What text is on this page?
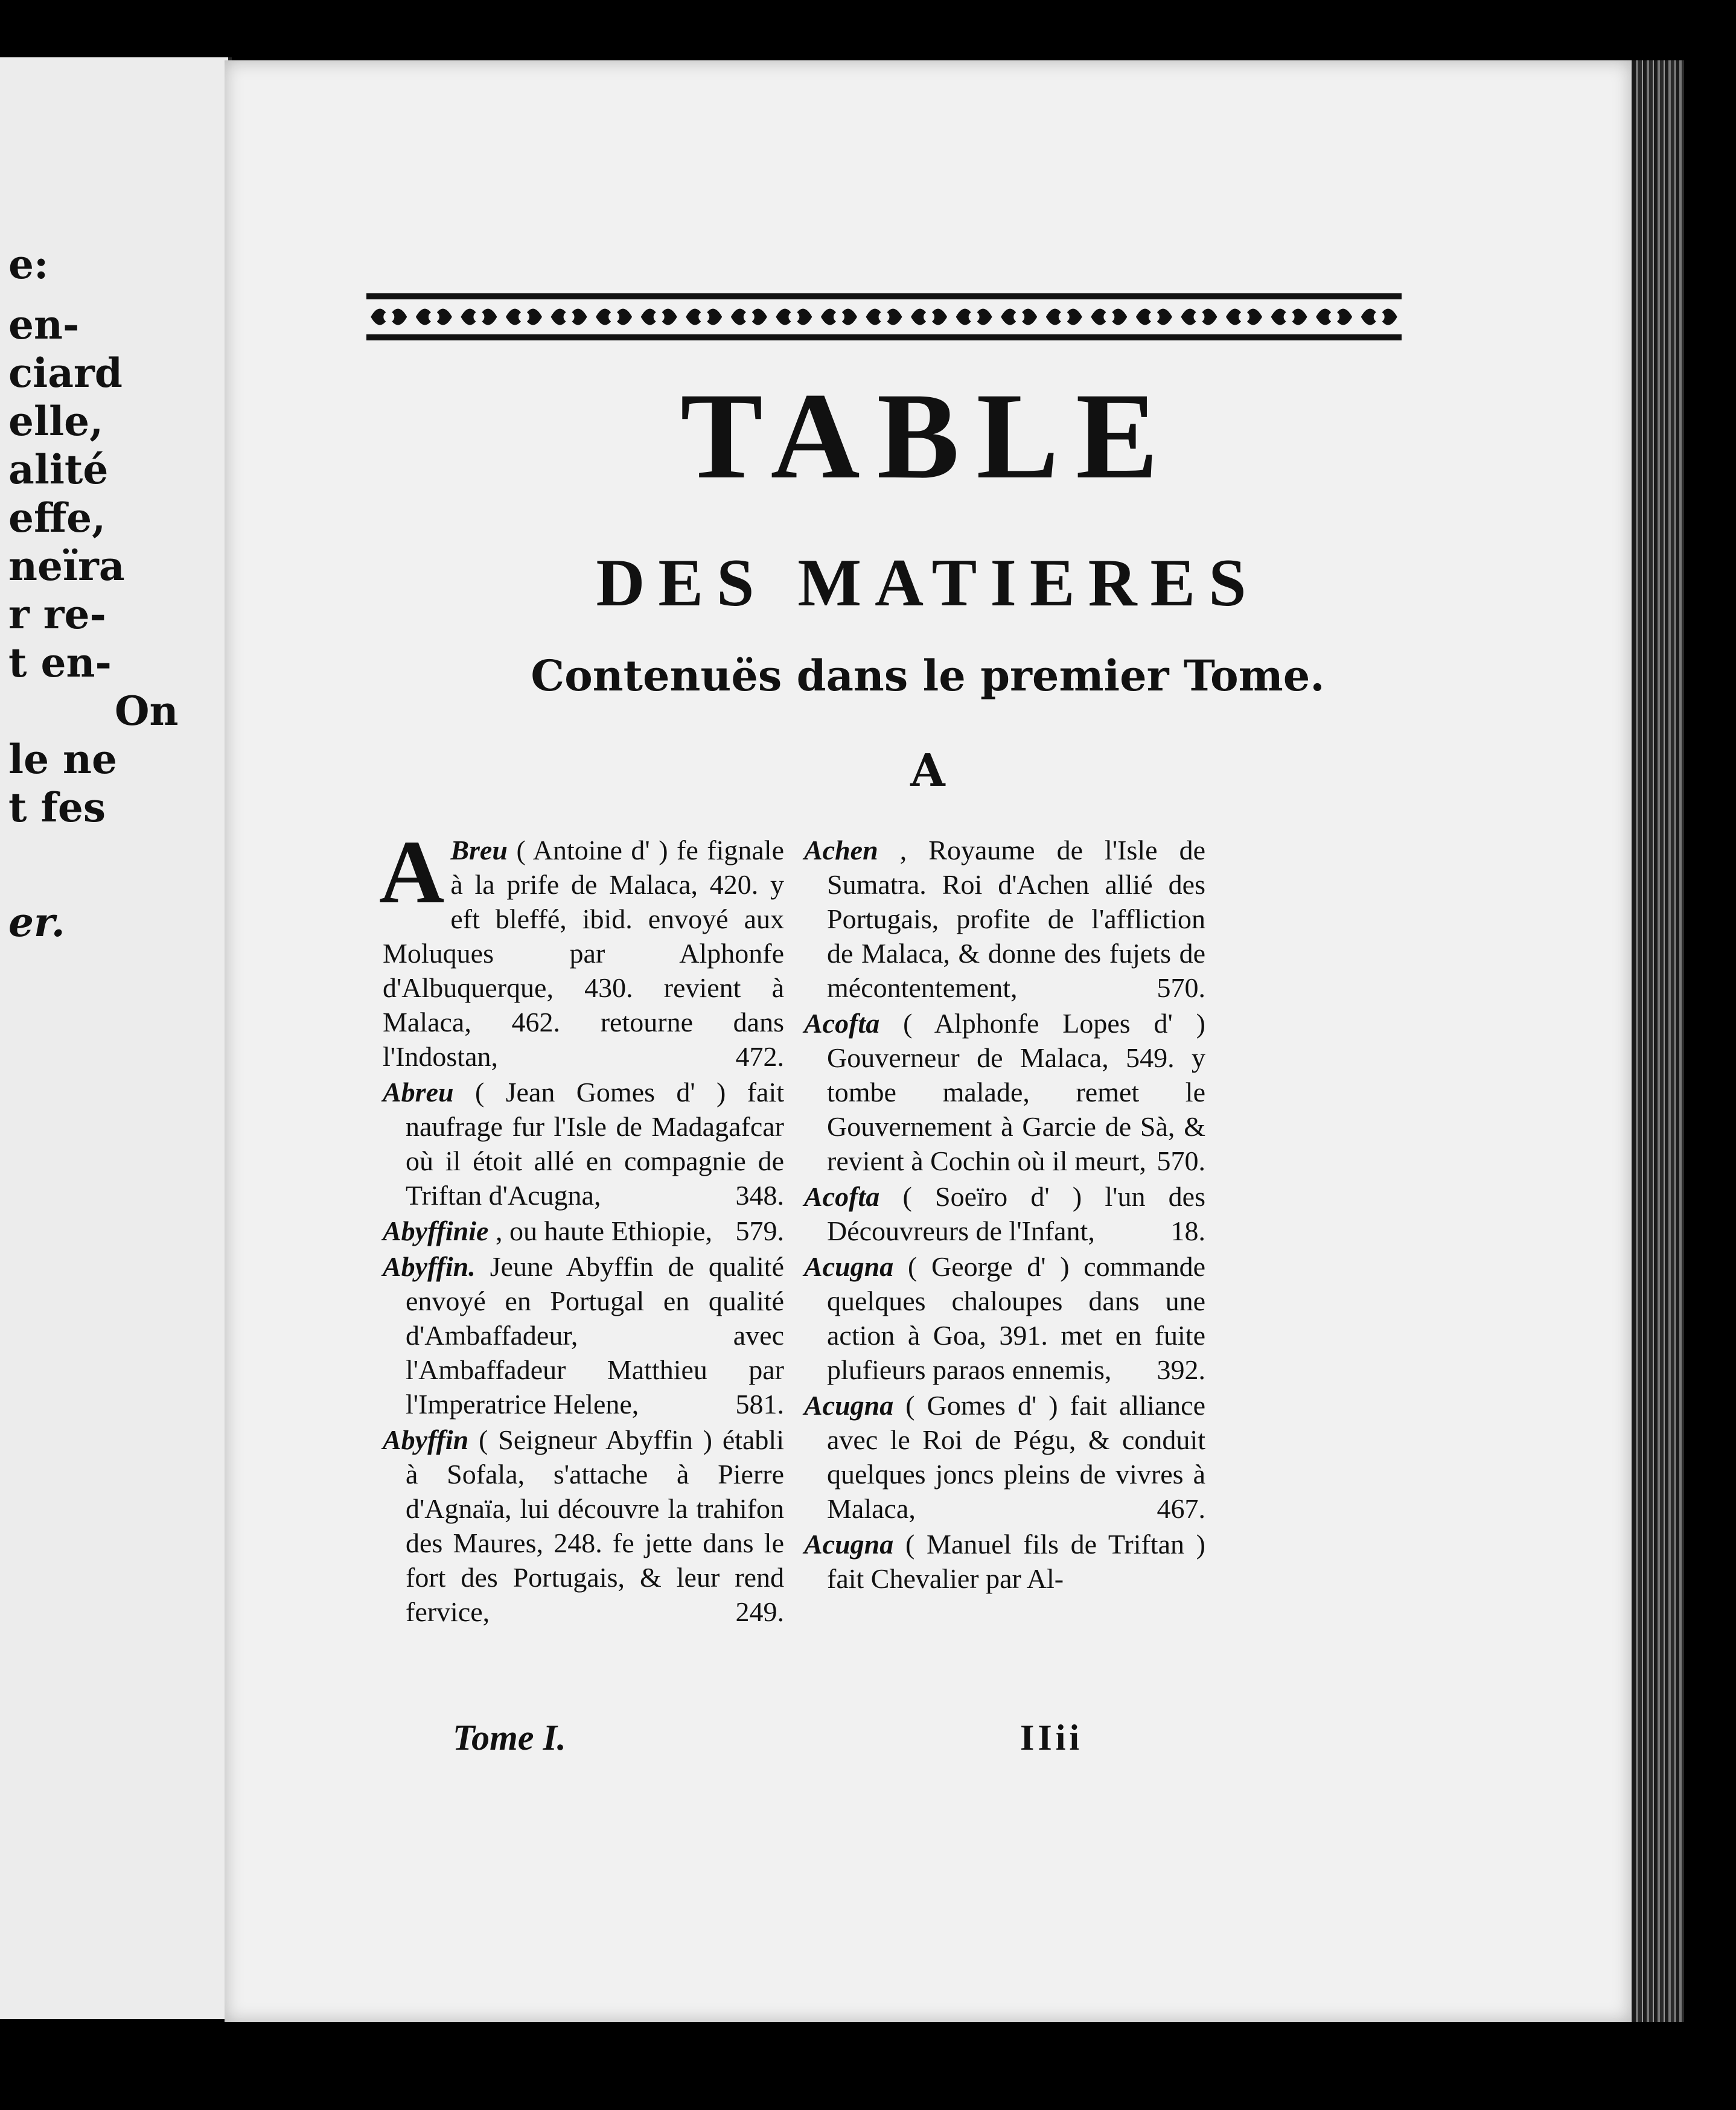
e:
en-
ciard
elle,
alité
effe,
neïra
r re-
t en-
On
le ne
t fes
er.
TABLE
DES MATIERES
Contenuës dans le premier Tome.
A

A Breu ( Antoine d' ) fe fignale à la prife de Malaca, 420. y eft bleffé, ibid. envoyé aux Moluques par Alphonfe d'Albuquerque, 430. revient à Malaca, 462. retourne dans l'Indostan,	472.

Abreu ( Jean Gomes d' ) fait naufrage fur l'Isle de Madagafcar où il étoit allé en compagnie de Triftan d'Acugna,	348.

Abyffinie , ou haute Ethiopie, 579.

Abyffin. Jeune Abyffin de qualité envoyé en Portugal en qualité d'Ambaffadeur, avec l'Ambaffadeur Matthieu par l'Imperatrice Helene,	581.

Abyffin ( Seigneur Abyffin ) établi à Sofala, s'attache à Pierre d'Agnaïa, lui découvre la trahifon des Maures, 248. fe jette dans le fort des Portugais, & leur rend fervice,	249.

Achen , Royaume de l'Isle de Sumatra. Roi d'Achen allié des Portugais, profite de l'affliction de Malaca, & donne des fujets de mécontentement,	570.

Acofta ( Alphonfe Lopes d' ) Gouverneur de Malaca, 549. y tombe malade, remet le Gouvernement à Garcie de Sà, & revient à Cochin où il meurt, 570.

Acofta ( Soeïro d' ) l'un des Découvreurs de l'Infant,	18.

Acugna ( George d' ) commande quelques chaloupes dans une action à Goa, 391. met en fuite plufieurs paraos ennemis, 392.

Acugna ( Gomes d' ) fait alliance avec le Roi de Pégu, & conduit quelques joncs pleins de vivres à Malaca,	467.

Acugna ( Manuel fils de Triftan ) fait Chevalier par Al-

Tome I.	IIii
